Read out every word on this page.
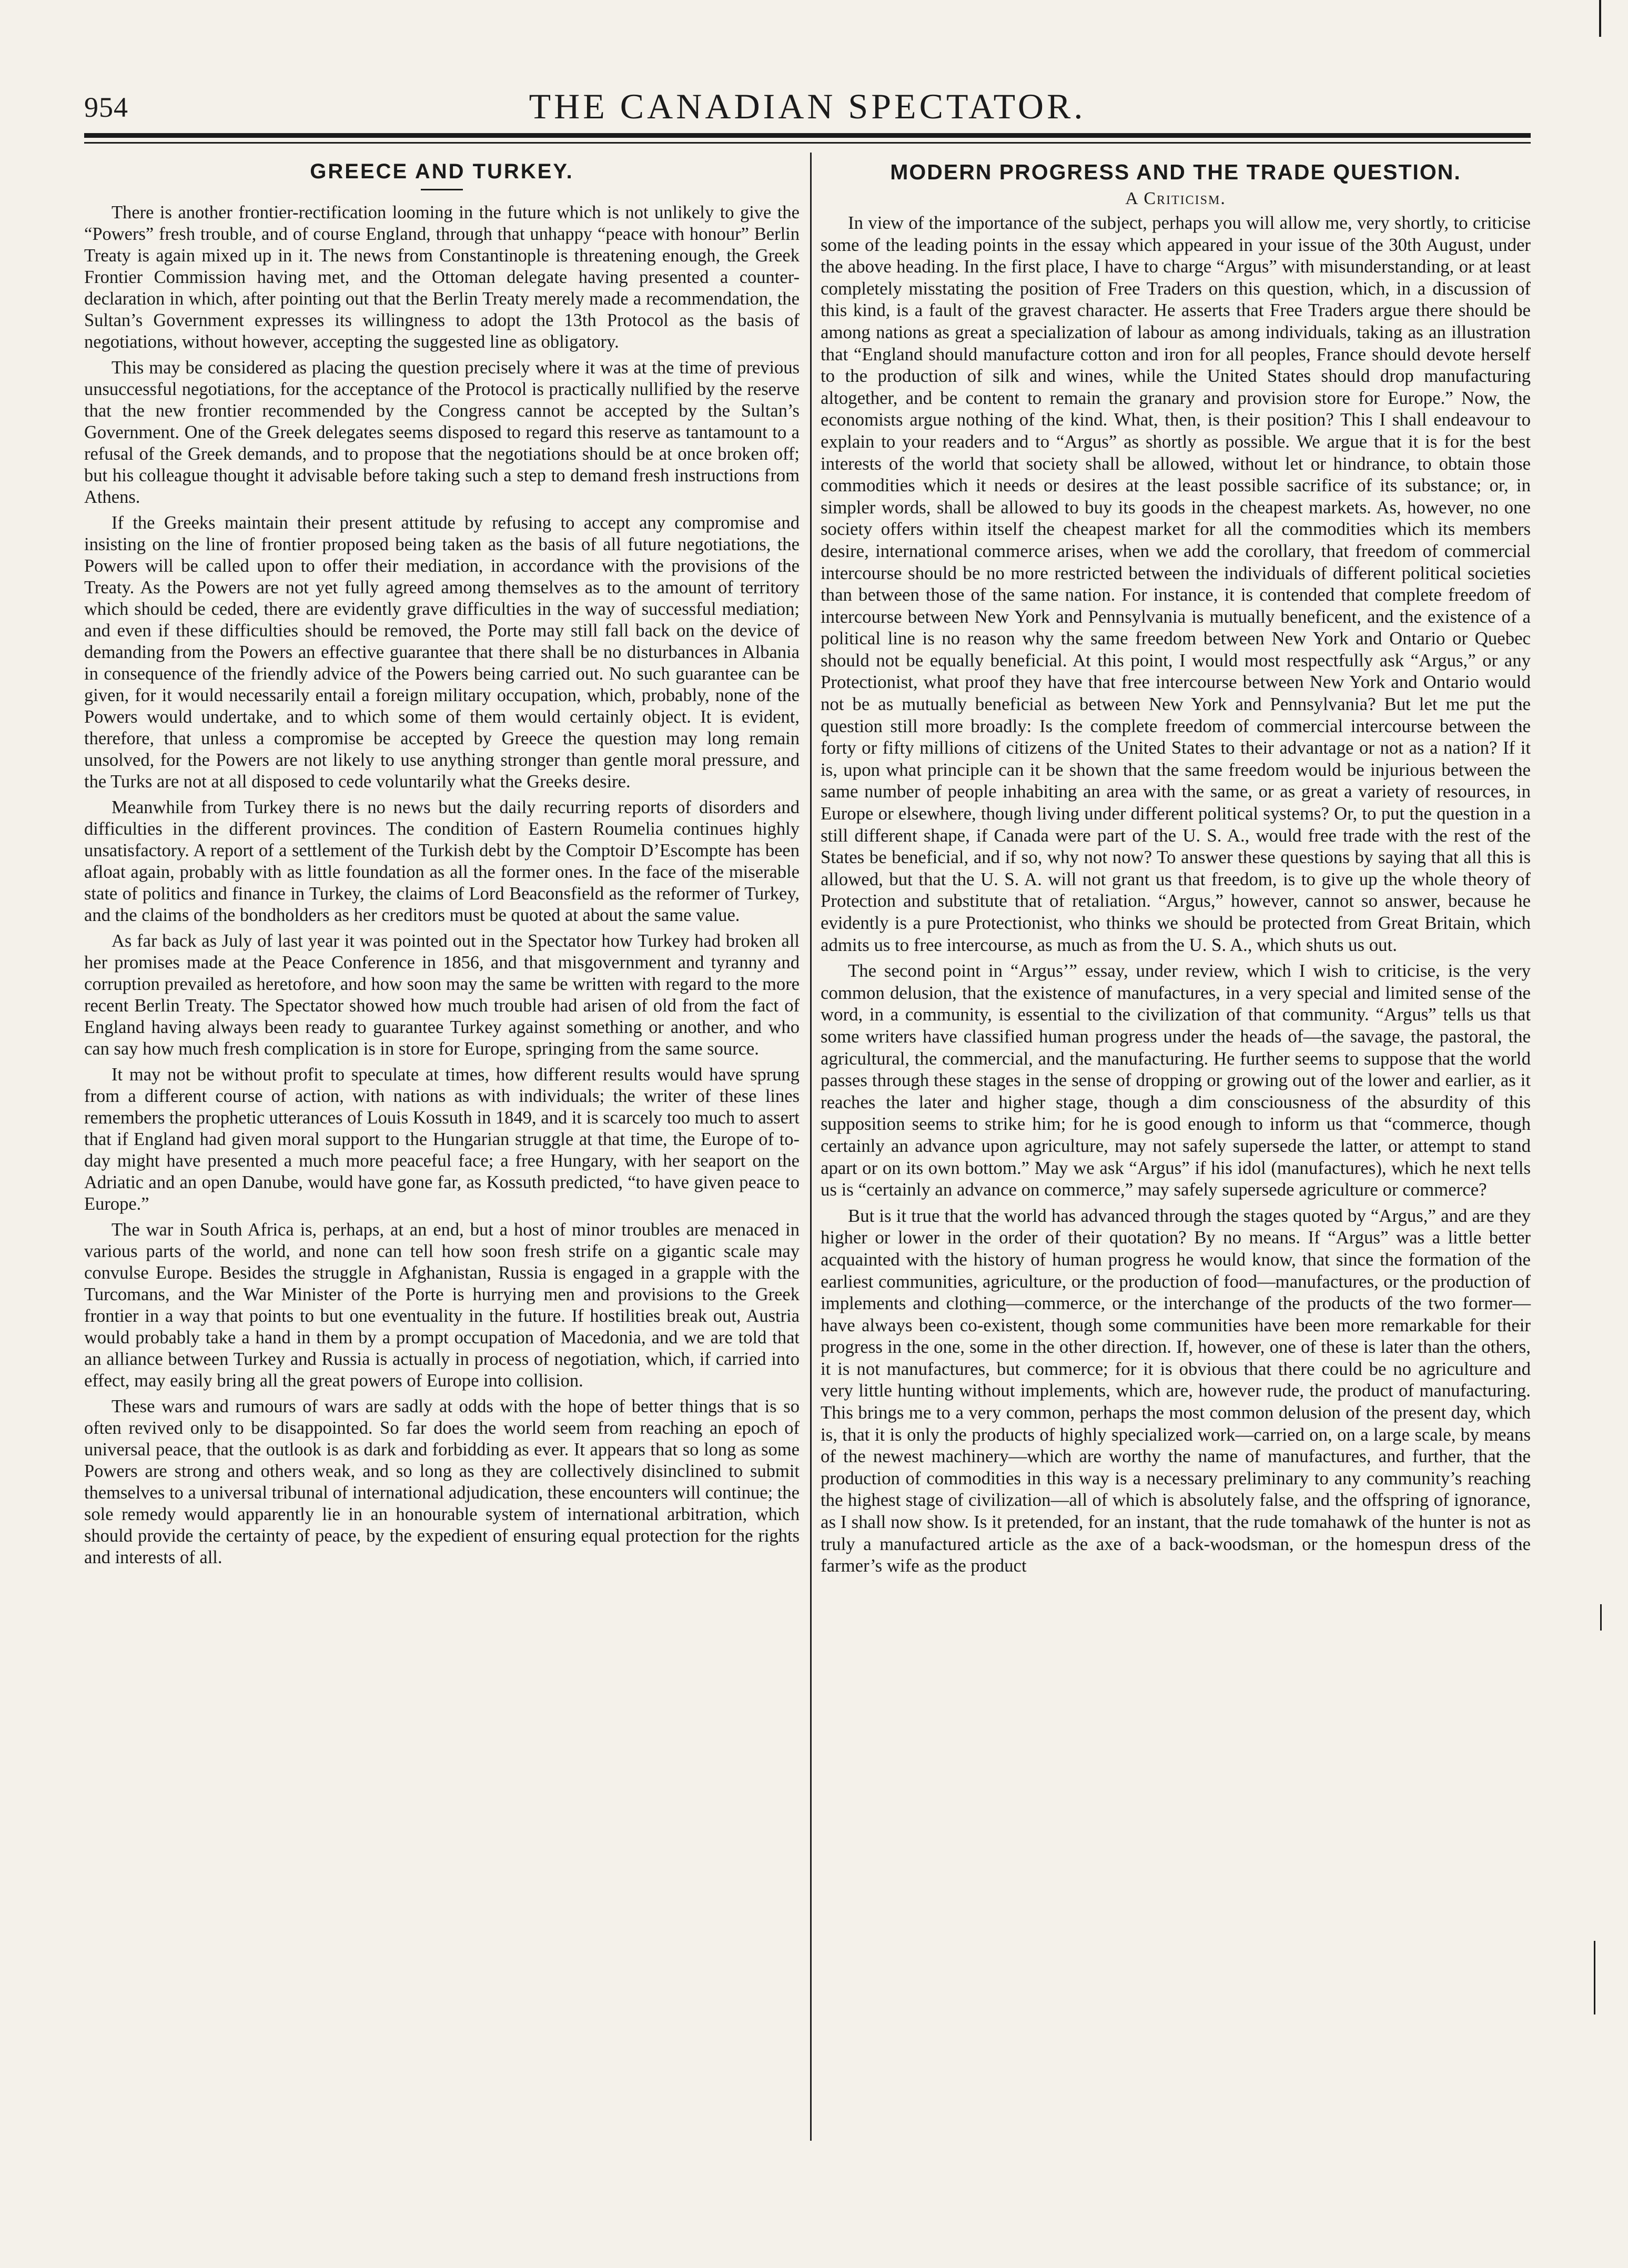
954	THE CANADIAN SPECTATOR.
GREECE AND TURKEY.

There is another frontier-rectification looming in the future which is not unlikely to give the “Powers” fresh trouble, and of course England, through that unhappy “peace with honour” Berlin Treaty is again mixed up in it. The news from Constantinople is threatening enough, the Greek Frontier Commission having met, and the Ottoman delegate having presented a counter-declaration in which, after pointing out that the Berlin Treaty merely made a recommendation, the Sultan’s Government expresses its willingness to adopt the 13th Protocol as the basis of negotiations, without however, accepting the suggested line as obligatory.

This may be considered as placing the question precisely where it was at the time of previous unsuccessful negotiations, for the acceptance of the Protocol is practically nullified by the reserve that the new frontier recommended by the Congress cannot be accepted by the Sultan’s Government. One of the Greek delegates seems disposed to regard this reserve as tantamount to a refusal of the Greek demands, and to propose that the negotiations should be at once broken off; but his colleague thought it advisable before taking such a step to demand fresh instructions from Athens.

If the Greeks maintain their present attitude by refusing to accept any compromise and insisting on the line of frontier proposed being taken as the basis of all future negotiations, the Powers will be called upon to offer their mediation, in accordance with the provisions of the Treaty. As the Powers are not yet fully agreed among themselves as to the amount of territory which should be ceded, there are evidently grave difficulties in the way of successful mediation; and even if these difficulties should be removed, the Porte may still fall back on the device of demanding from the Powers an effective guarantee that there shall be no disturbances in Albania in consequence of the friendly advice of the Powers being carried out. No such guarantee can be given, for it would necessarily entail a foreign military occupation, which, probably, none of the Powers would undertake, and to which some of them would certainly object. It is evident, therefore, that unless a compromise be accepted by Greece the question may long remain unsolved, for the Powers are not likely to use anything stronger than gentle moral pressure, and the Turks are not at all disposed to cede voluntarily what the Greeks desire.

Meanwhile from Turkey there is no news but the daily recurring reports of disorders and difficulties in the different provinces. The condition of Eastern Roumelia continues highly unsatisfactory. A report of a settlement of the Turkish debt by the Comptoir D’Escompte has been afloat again, probably with as little foundation as all the former ones. In the face of the miserable state of politics and finance in Turkey, the claims of Lord Beaconsfield as the reformer of Turkey, and the claims of the bondholders as her creditors must be quoted at about the same value.

As far back as July of last year it was pointed out in the Spectator how Turkey had broken all her promises made at the Peace Conference in 1856, and that misgovernment and tyranny and corruption prevailed as heretofore, and how soon may the same be written with regard to the more recent Berlin Treaty. The Spectator showed how much trouble had arisen of old from the fact of England having always been ready to guarantee Turkey against something or another, and who can say how much fresh complication is in store for Europe, springing from the same source.

It may not be without profit to speculate at times, how different results would have sprung from a different course of action, with nations as with individuals; the writer of these lines remembers the prophetic utterances of Louis Kossuth in 1849, and it is scarcely too much to assert that if England had given moral support to the Hungarian struggle at that time, the Europe of to-day might have presented a much more peaceful face; a free Hungary, with her seaport on the Adriatic and an open Danube, would have gone far, as Kossuth predicted, “to have given peace to Europe.”

The war in South Africa is, perhaps, at an end, but a host of minor troubles are menaced in various parts of the world, and none can tell how soon fresh strife on a gigantic scale may convulse Europe. Besides the struggle in Afghanistan, Russia is engaged in a grapple with the Turcomans, and the War Minister of the Porte is hurrying men and provisions to the Greek frontier in a way that points to but one eventuality in the future. If hostilities break out, Austria would probably take a hand in them by a prompt occupation of Macedonia, and we are told that an alliance between Turkey and Russia is actually in process of negotiation, which, if carried into effect, may easily bring all the great powers of Europe into collision.

These wars and rumours of wars are sadly at odds with the hope of better things that is so often revived only to be disappointed. So far does the world seem from reaching an epoch of universal peace, that the outlook is as dark and forbidding as ever. It appears that so long as some Powers are strong and others weak, and so long as they are collectively disinclined to submit themselves to a universal tribunal of international adjudication, these encounters will continue; the sole remedy would apparently lie in an honourable system of international arbitration, which should provide the certainty of peace, by the expedient of ensuring equal protection for the rights and interests of all.

MODERN PROGRESS AND THE TRADE QUESTION.
A Criticism.

In view of the importance of the subject, perhaps you will allow me, very shortly, to criticise some of the leading points in the essay which appeared in your issue of the 30th August, under the above heading. In the first place, I have to charge “Argus” with misunderstanding, or at least completely misstating the position of Free Traders on this question, which, in a discussion of this kind, is a fault of the gravest character. He asserts that Free Traders argue there should be among nations as great a specialization of labour as among individuals, taking as an illustration that “England should manufacture cotton and iron for all peoples, France should devote herself to the production of silk and wines, while the United States should drop manufacturing altogether, and be content to remain the granary and provision store for Europe.” Now, the economists argue nothing of the kind. What, then, is their position? This I shall endeavour to explain to your readers and to “Argus” as shortly as possible. We argue that it is for the best interests of the world that society shall be allowed, without let or hindrance, to obtain those commodities which it needs or desires at the least possible sacrifice of its substance; or, in simpler words, shall be allowed to buy its goods in the cheapest markets. As, however, no one society offers within itself the cheapest market for all the commodities which its members desire, international commerce arises, when we add the corollary, that freedom of commercial intercourse should be no more restricted between the individuals of different political societies than between those of the same nation. For instance, it is contended that complete freedom of intercourse between New York and Pennsylvania is mutually beneficent, and the existence of a political line is no reason why the same freedom between New York and Ontario or Quebec should not be equally beneficial. At this point, I would most respectfully ask “Argus,” or any Protectionist, what proof they have that free intercourse between New York and Ontario would not be as mutually beneficial as between New York and Pennsylvania? But let me put the question still more broadly: Is the complete freedom of commercial intercourse between the forty or fifty millions of citizens of the United States to their advantage or not as a nation? If it is, upon what principle can it be shown that the same freedom would be injurious between the same number of people inhabiting an area with the same, or as great a variety of resources, in Europe or elsewhere, though living under different political systems? Or, to put the question in a still different shape, if Canada were part of the U. S. A., would free trade with the rest of the States be beneficial, and if so, why not now? To answer these questions by saying that all this is allowed, but that the U. S. A. will not grant us that freedom, is to give up the whole theory of Protection and substitute that of retaliation. “Argus,” however, cannot so answer, because he evidently is a pure Protectionist, who thinks we should be protected from Great Britain, which admits us to free intercourse, as much as from the U. S. A., which shuts us out.

The second point in “Argus’” essay, under review, which I wish to criticise, is the very common delusion, that the existence of manufactures, in a very special and limited sense of the word, in a community, is essential to the civilization of that community. “Argus” tells us that some writers have classified human progress under the heads of—the savage, the pastoral, the agricultural, the commercial, and the manufacturing. He further seems to suppose that the world passes through these stages in the sense of dropping or growing out of the lower and earlier, as it reaches the later and higher stage, though a dim consciousness of the absurdity of this supposition seems to strike him; for he is good enough to inform us that “commerce, though certainly an advance upon agriculture, may not safely supersede the latter, or attempt to stand apart or on its own bottom.” May we ask “Argus” if his idol (manufactures), which he next tells us is “certainly an advance on commerce,” may safely supersede agriculture or commerce?

But is it true that the world has advanced through the stages quoted by “Argus,” and are they higher or lower in the order of their quotation? By no means. If “Argus” was a little better acquainted with the history of human progress he would know, that since the formation of the earliest communities, agriculture, or the production of food—manufactures, or the production of implements and clothing—commerce, or the interchange of the products of the two former—have always been co-existent, though some communities have been more remarkable for their progress in the one, some in the other direction. If, however, one of these is later than the others, it is not manufactures, but commerce; for it is obvious that there could be no agriculture and very little hunting without implements, which are, however rude, the product of manufacturing. This brings me to a very common, perhaps the most common delusion of the present day, which is, that it is only the products of highly specialized work—carried on, on a large scale, by means of the newest machinery—which are worthy the name of manufactures, and further, that the production of commodities in this way is a necessary preliminary to any community’s reaching the highest stage of civilization—all of which is absolutely false, and the offspring of ignorance, as I shall now show. Is it pretended, for an instant, that the rude tomahawk of the hunter is not as truly a manufactured article as the axe of a back-woodsman, or the homespun dress of the farmer’s wife as the product
